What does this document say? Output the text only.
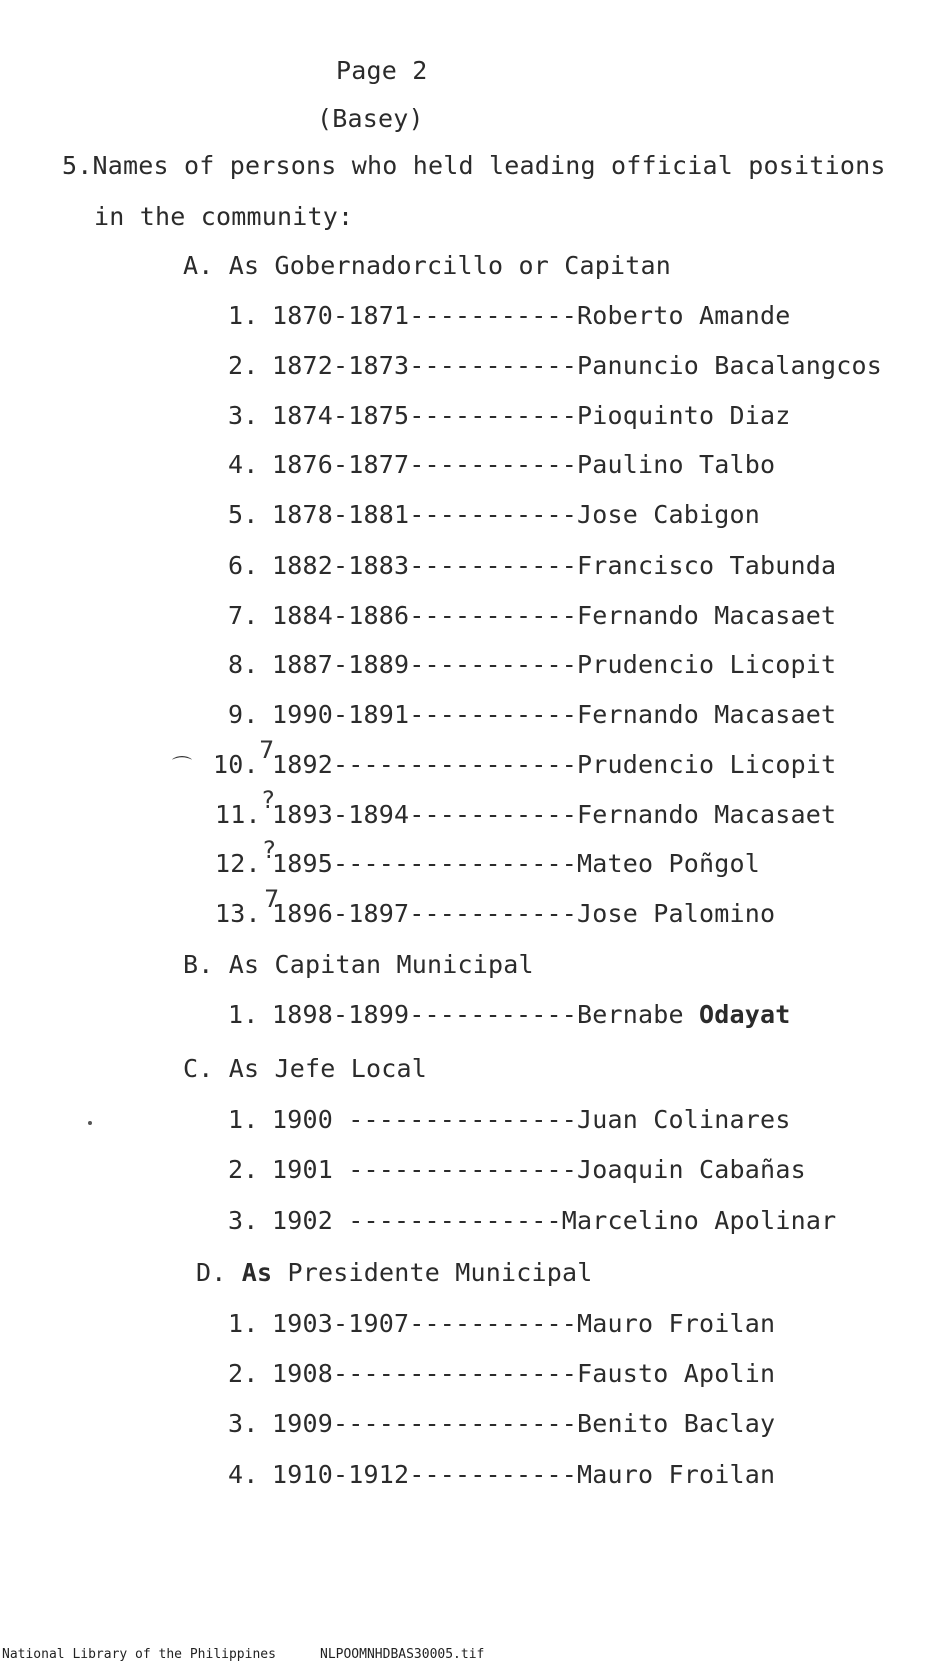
Page 2
(Basey)
5.Names of persons who held leading official positions
in the community:
A. As Gobernadorcillo or Capitan
1. 1870-1871-----------Roberto Amande
2. 1872-1873-----------Panuncio Bacalangcos
3. 1874-1875-----------Pioquinto Diaz
4. 1876-1877-----------Paulino Talbo
5. 1878-1881-----------Jose Cabigon
6. 1882-1883-----------Francisco Tabunda
7. 1884-1886-----------Fernando Macasaet
8. 1887-1889-----------Prudencio Licopit
9. 1990-1891-----------Fernando Macasaet
10. 1892----------------Prudencio Licopit
11. 1893-1894-----------Fernando Macasaet
12. 1895----------------Mateo Poñgol
13. 1896-1897-----------Jose Palomino
⌒
7
?
?
7
B. As Capitan Municipal
1. 1898-1899-----------Bernabe Odayat
C. As Jefe Local
1. 1900 ---------------Juan Colinares
2. 1901 ---------------Joaquin Cabañas
3. 1902 --------------Marcelino Apolinar
D. As Presidente Municipal
1. 1903-1907-----------Mauro Froilan
2. 1908----------------Fausto Apolin
3. 1909----------------Benito Baclay
4. 1910-1912-----------Mauro Froilan
National Library of the Philippines	NLPOOMNHDBAS30005.tif
